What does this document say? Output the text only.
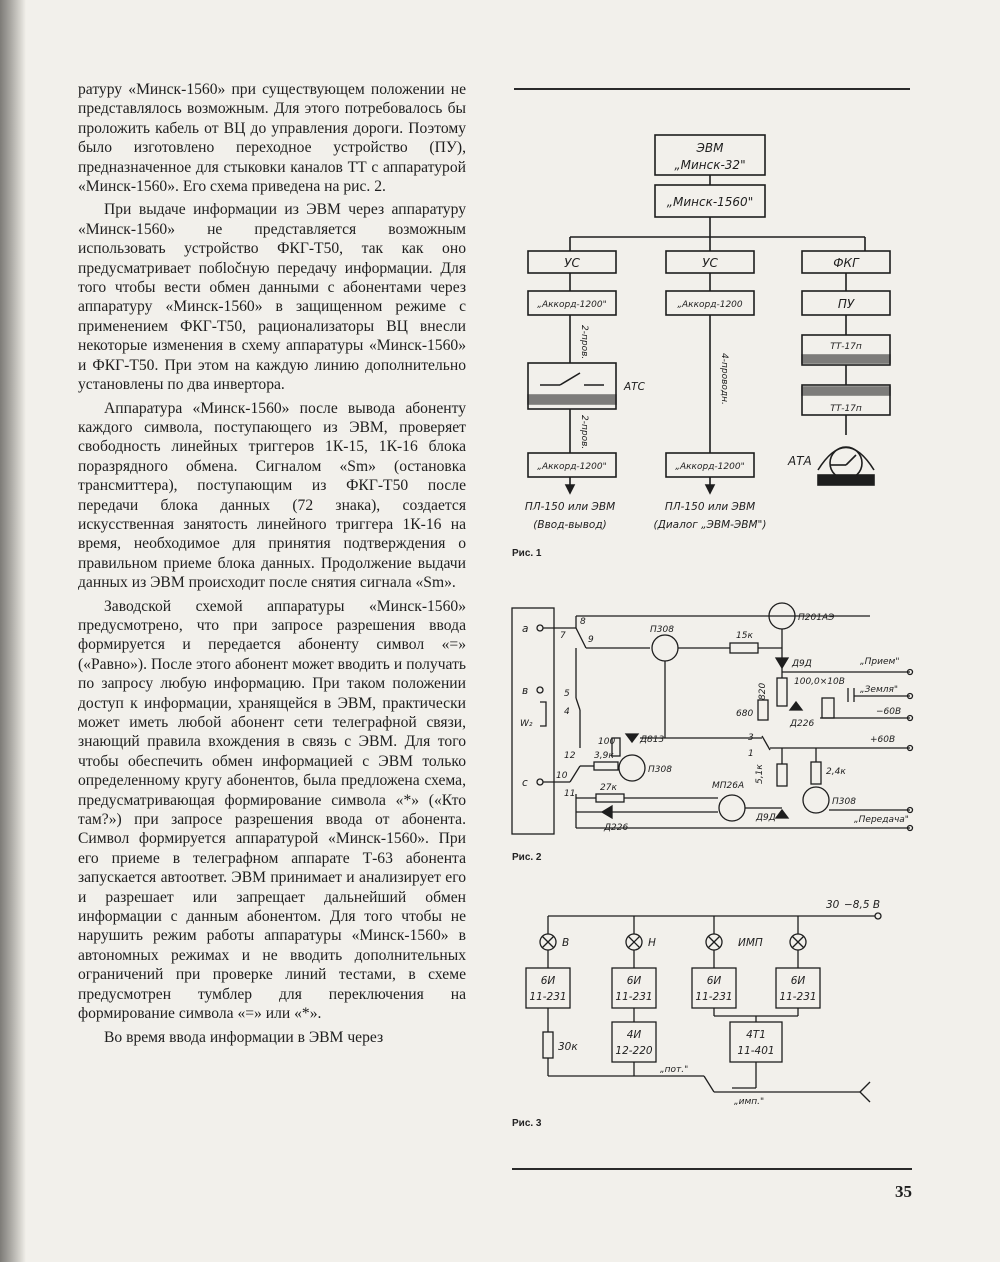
ратуру «Минск-1560» при существующем положении не представлялось возможным. Для этого потребовалось бы проложить кабель от ВЦ до управления дороги. Поэтому было изготовлено переходное устройство (ПУ), предназначенное для стыковки каналов ТТ с аппаратурой «Минск-1560». Его схема приведена на рис. 2.

При выдаче информации из ЭВМ через аппаратуру «Минск-1560» не представляется возможным использовать устройство ФКГ-Т50, так как оно предусматривает побločную передачу информации. Для того чтобы вести обмен данными с абонентами через аппаратуру «Минск-1560» в защищенном режиме с применением ФКГ-Т50, рационализаторы ВЦ внесли некоторые изменения в схему аппаратуры «Минск-1560» и ФКГ-Т50. При этом на каждую линию дополнительно установлены по два инвертора.

Аппаратура «Минск-1560» после вывода абоненту каждого символа, поступающего из ЭВМ, проверяет свободность линейных триггеров 1К-15, 1К-16 блока поразрядного обмена. Сигналом «Sm» (остановка трансмиттера), поступающим из ФКГ-Т50 после передачи блока данных (72 знака), создается искусственная занятость линейного триггера 1К-16 на время, необходимое для принятия подтверждения о правильном приеме блока данных. Продолжение выдачи данных из ЭВМ происходит после снятия сигнала «Sm».

Заводской схемой аппаратуры «Минск-1560» предусмотрено, что при запросе разрешения ввода формируется и передается абоненту символ «=» («Равно»). После этого абонент может вводить и получать по запросу любую информацию. При таком положении доступ к информации, хранящейся в ЭВМ, практически может иметь любой абонент сети телеграфной связи, знающий правила вхождения в связь с ЭВМ. Для того чтобы обеспечить обмен информацией с ЭВМ только определенному кругу абонентов, была предложена схема, предусматривающая формирование символа «*» («Кто там?») при запросе разрешения ввода от абонента. Символ формируется аппаратурой «Минск-1560». При его приеме в телеграфном аппарате Т-63 абонента запускается автоответ. ЭВМ принимает и анализирует его и разрешает или запрещает дальнейший обмен информации с данным абонентом. Для того чтобы не нарушить режим работы аппаратуры «Минск-1560» в автономных режимах и не вводить дополнительных ограничений при проверке линий тестами, в схеме предусмотрен тумблер для переключения на формирование символа «=» или «*».

Во время ввода информации в ЭВМ через

ЭВМ
„Минск-32"
„Минск-1560"
УС
„Аккорд-1200"
2-пров.
АТС
2-пров.
„Аккорд-1200"
ПЛ-150 или ЭВМ
(Ввод-вывод)
УС
„Аккорд-1200
4-проводн.
„Аккорд-1200"
ПЛ-150 или ЭВМ
(Диалог „ЭВМ-ЭВМ")
ФКГ
ПУ
ТТ-17п
ТТ-17п
АТА
Рис. 1
а
в
W₂
с
8
7 9
5
4
П308
15к
П201АЭ
Д9Д	„Прием"
820
100,0×10В
„Земля"
−60В
680
Д226
3
1
+60В
100	Д813
3,9к
П308
12
10
11
27к
Д226
МП26А
5,1к
Д9Д
2,4к
П308
„Передача"
Рис. 2
30 −8,5 В
В	Н	ИМП
6И
11-231
6И
11-231
6И
11-231
6И
11-231
30к
4И
12-220
4Т1
11-401
„пот."
„имп."
Рис. 3
35
